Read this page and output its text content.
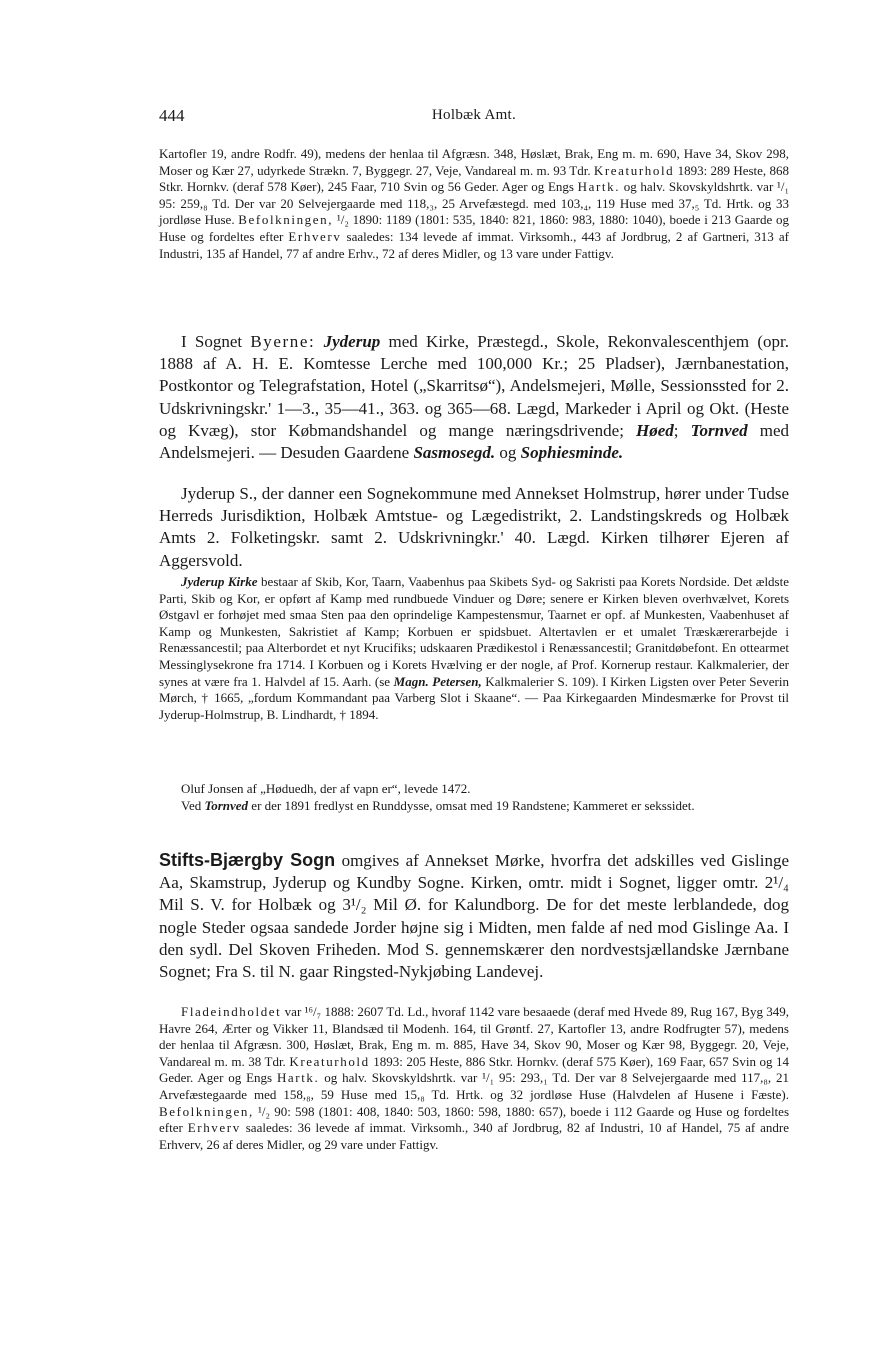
444	Holbæk Amt.

Kartofler 19, andre Rodfr. 49), medens der henlaa til Afgræsn. 348, Høslæt, Brak, Eng m. m. 690, Have 34, Skov 298, Moser og Kær 27, udyrkede Strækn. 7, Byggegr. 27, Veje, Vandareal m. m. 93 Tdr. Kreaturhold 1893: 289 Heste, 868 Stkr. Hornkv. (deraf 578 Køer), 245 Faar, 710 Svin og 56 Geder. Ager og Engs Hartk. og halv. Skovskyldshrtk. var ¹/₁ 95: 259,₈ Td. Der var 20 Selvejergaarde med 118,₃, 25 Arvefæstegd. med 103,₄, 119 Huse med 37,₅ Td. Hrtk. og 33 jordløse Huse. Befolkningen, ¹/₂ 1890: 1189 (1801: 535, 1840: 821, 1860: 983, 1880: 1040), boede i 213 Gaarde og Huse og fordeltes efter Erhverv saaledes: 134 levede af immat. Virksomh., 443 af Jordbrug, 2 af Gartneri, 313 af Industri, 135 af Handel, 77 af andre Erhv., 72 af deres Midler, og 13 vare under Fattigv.

I Sognet Byerne: Jyderup med Kirke, Præstegd., Skole, Rekonvalescenthjem (opr. 1888 af A. H. E. Komtesse Lerche med 100,000 Kr.; 25 Pladser), Jærnbanestation, Postkontor og Telegrafstation, Hotel („Skarritsø“), Andelsmejeri, Mølle, Sessionssted for 2. Udskrivningskr.' 1—3., 35—41., 363. og 365—68. Lægd, Markeder i April og Okt. (Heste og Kvæg), stor Købmandshandel og mange næringsdrivende; Høed; Tornved med Andelsmejeri. — Desuden Gaardene Sasmosegd. og Sophiesminde.

Jyderup S., der danner een Sognekommune med Annekset Holmstrup, hører under Tudse Herreds Jurisdiktion, Holbæk Amtstue- og Lægedistrikt, 2. Landstingskreds og Holbæk Amts 2. Folketingskr. samt 2. Udskrivningkr.' 40. Lægd. Kirken tilhører Ejeren af Aggersvold.

Jyderup Kirke bestaar af Skib, Kor, Taarn, Vaabenhus paa Skibets Syd- og Sakristi paa Korets Nordside. Det ældste Parti, Skib og Kor, er opført af Kamp med rundbuede Vinduer og Døre; senere er Kirken bleven overhvælvet, Korets Østgavl er forhøjet med smaa Sten paa den oprindelige Kampestensmur, Taarnet er opf. af Munkesten, Vaabenhuset af Kamp og Munkesten, Sakristiet af Kamp; Korbuen er spidsbuet. Altertavlen er et umalet Træskærerarbejde i Renæssancestil; paa Alterbordet et nyt Krucifiks; udskaaren Prædikestol i Renæssancestil; Granitdøbefont. En ottearmet Messinglysekrone fra 1714. I Korbuen og i Korets Hvælving er der nogle, af Prof. Kornerup restaur. Kalkmalerier, der synes at være fra 1. Halvdel af 15. Aarh. (se Magn. Petersen, Kalkmalerier S. 109). I Kirken Ligsten over Peter Severin Mørch, † 1665, „fordum Kommandant paa Varberg Slot i Skaane“. — Paa Kirkegaarden Mindesmærke for Provst til Jyderup-Holmstrup, B. Lindhardt, † 1894.

Oluf Jonsen af „Høduedh, der af vapn er“, levede 1472.

Ved Tornved er der 1891 fredlyst en Runddysse, omsat med 19 Randstene; Kammeret er sekssidet.

Stifts-Bjærgby Sogn omgives af Annekset Mørke, hvorfra det adskilles ved Gislinge Aa, Skamstrup, Jyderup og Kundby Sogne. Kirken, omtr. midt i Sognet, ligger omtr. 2¹/₄ Mil S. V. for Holbæk og 3¹/₂ Mil Ø. for Kalundborg. De for det meste lerblandede, dog nogle Steder ogsaa sandede Jorder højne sig i Midten, men falde af ned mod Gislinge Aa. I den sydl. Del Skoven Friheden. Mod S. gennemskærer den nordvestsjællandske Jærnbane Sognet; Fra S. til N. gaar Ringsted-Nykjøbing Landevej.

Fladeindholdet var ¹⁶/₇ 1888: 2607 Td. Ld., hvoraf 1142 vare besaaede (deraf med Hvede 89, Rug 167, Byg 349, Havre 264, Ærter og Vikker 11, Blandsæd til Modenh. 164, til Grøntf. 27, Kartofler 13, andre Rodfrugter 57), medens der henlaa til Afgræsn. 300, Høslæt, Brak, Eng m. m. 885, Have 34, Skov 90, Moser og Kær 98, Byggegr. 20, Veje, Vandareal m. m. 38 Tdr. Kreaturhold 1893: 205 Heste, 886 Stkr. Hornkv. (deraf 575 Køer), 169 Faar, 657 Svin og 14 Geder. Ager og Engs Hartk. og halv. Skovskyldshrtk. var ¹/₁ 95: 293,₁ Td. Der var 8 Selvejergaarde med 117,₈, 21 Arvefæstegaarde med 158,₈, 59 Huse med 15,₈ Td. Hrtk. og 32 jordløse Huse (Halvdelen af Husene i Fæste). Befolkningen, ¹/₂ 90: 598 (1801: 408, 1840: 503, 1860: 598, 1880: 657), boede i 112 Gaarde og Huse og fordeltes efter Erhverv saaledes: 36 levede af immat. Virksomh., 340 af Jordbrug, 82 af Industri, 10 af Handel, 75 af andre Erhverv, 26 af deres Midler, og 29 vare under Fattigv.
